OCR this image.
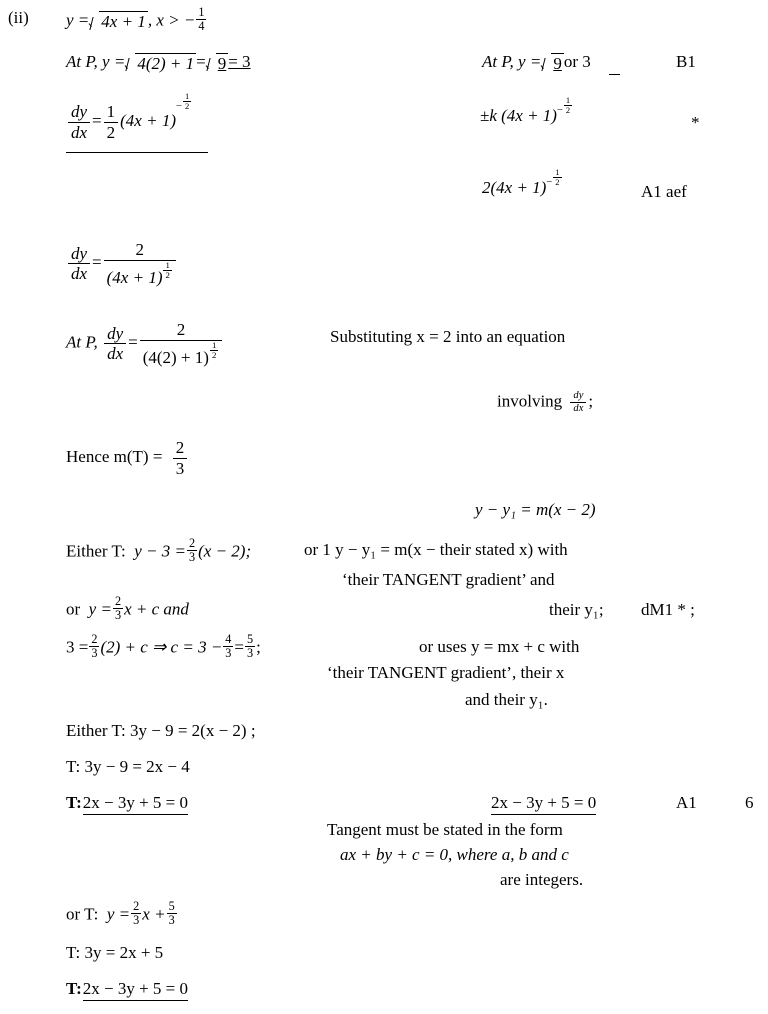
(ii) y = 4x + 1 , x > − $\frac{1}{4}$
At P, y = 4(2) + 1 = 9 = 3
$\frac{dy}{dx} = \frac{1}{2} (4x + 1)- \frac{1}{2}$
$\frac{dy}{dx} = \frac{2}{(4x + 1) \frac{1}{2}}$
At P, $\frac{dy}{dx} = \frac{2}{(4(2) + 1) \frac{1}{2}}$
Hence $m(T) = \frac{2}{3}$
Either T: $y - 3 = \frac{2}{3} (x - 2)$;
or $y = \frac{2}{3}$ x + c and
$3 = \frac{2}{3} (2) + c$ ⇒ $c = 3 - \frac{4}{3} = \frac{5}{3}$ ;
Either T: 3y − 9 = 2(x − 2) ;
T: 3y − 9 = 2x − 4
T:2x − 3y + 5 = 0
or T: $y = \frac{2}{3}$ $x + \frac{5}{3}$
T: 3y = 2x + 5
T:2x − 3y + 5 = 0
At P, y = 9 or 3	B1
±k $(4x + 1)- \frac{1}{2}$
*
$2(4x + 1)- \frac{1}{2}$
A1 aef
Substituting x = 2 into an equation
involving $\frac{dy}{dx}$ ;
y − y₁ = m(x − 2)
or 1 y − y₁ = m(x − their stated x) with
‘their TANGENT gradient’ and
their y₁; dM1 * ;
or uses y = mx + c with
‘their TANGENT gradient’, their x
and their y₁.
2x − 3y + 5 = 0	A1	6
Tangent must be stated in the form
ax + by + c = 0, where a, b and c
are integers.
